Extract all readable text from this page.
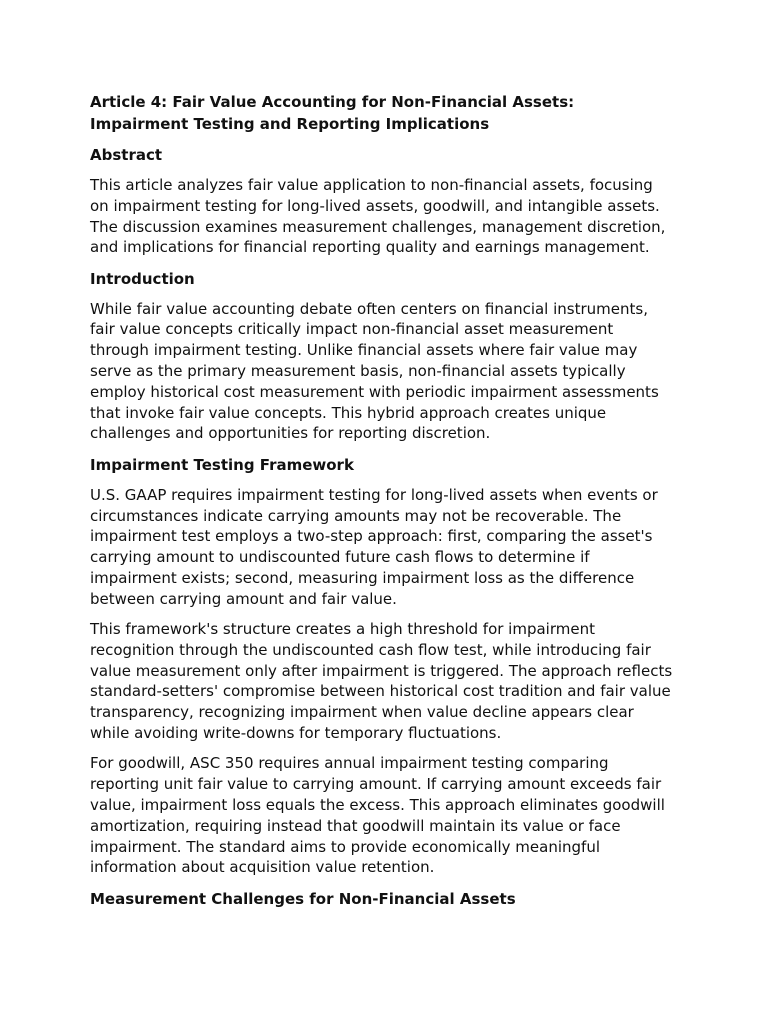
Article 4: Fair Value Accounting for Non-Financial Assets:
Impairment Testing and Reporting Implications
Abstract

This article analyzes fair value application to non-financial assets, focusing
on impairment testing for long-lived assets, goodwill, and intangible assets.
The discussion examines measurement challenges, management discretion,
and implications for financial reporting quality and earnings management.

Introduction

While fair value accounting debate often centers on financial instruments,
fair value concepts critically impact non-financial asset measurement
through impairment testing. Unlike financial assets where fair value may
serve as the primary measurement basis, non-financial assets typically
employ historical cost measurement with periodic impairment assessments
that invoke fair value concepts. This hybrid approach creates unique
challenges and opportunities for reporting discretion.

Impairment Testing Framework

U.S. GAAP requires impairment testing for long-lived assets when events or
circumstances indicate carrying amounts may not be recoverable. The
impairment test employs a two-step approach: first, comparing the asset's
carrying amount to undiscounted future cash flows to determine if
impairment exists; second, measuring impairment loss as the difference
between carrying amount and fair value.

This framework's structure creates a high threshold for impairment
recognition through the undiscounted cash flow test, while introducing fair
value measurement only after impairment is triggered. The approach reflects
standard-setters' compromise between historical cost tradition and fair value
transparency, recognizing impairment when value decline appears clear
while avoiding write-downs for temporary fluctuations.

For goodwill, ASC 350 requires annual impairment testing comparing
reporting unit fair value to carrying amount. If carrying amount exceeds fair
value, impairment loss equals the excess. This approach eliminates goodwill
amortization, requiring instead that goodwill maintain its value or face
impairment. The standard aims to provide economically meaningful
information about acquisition value retention.

Measurement Challenges for Non-Financial Assets
